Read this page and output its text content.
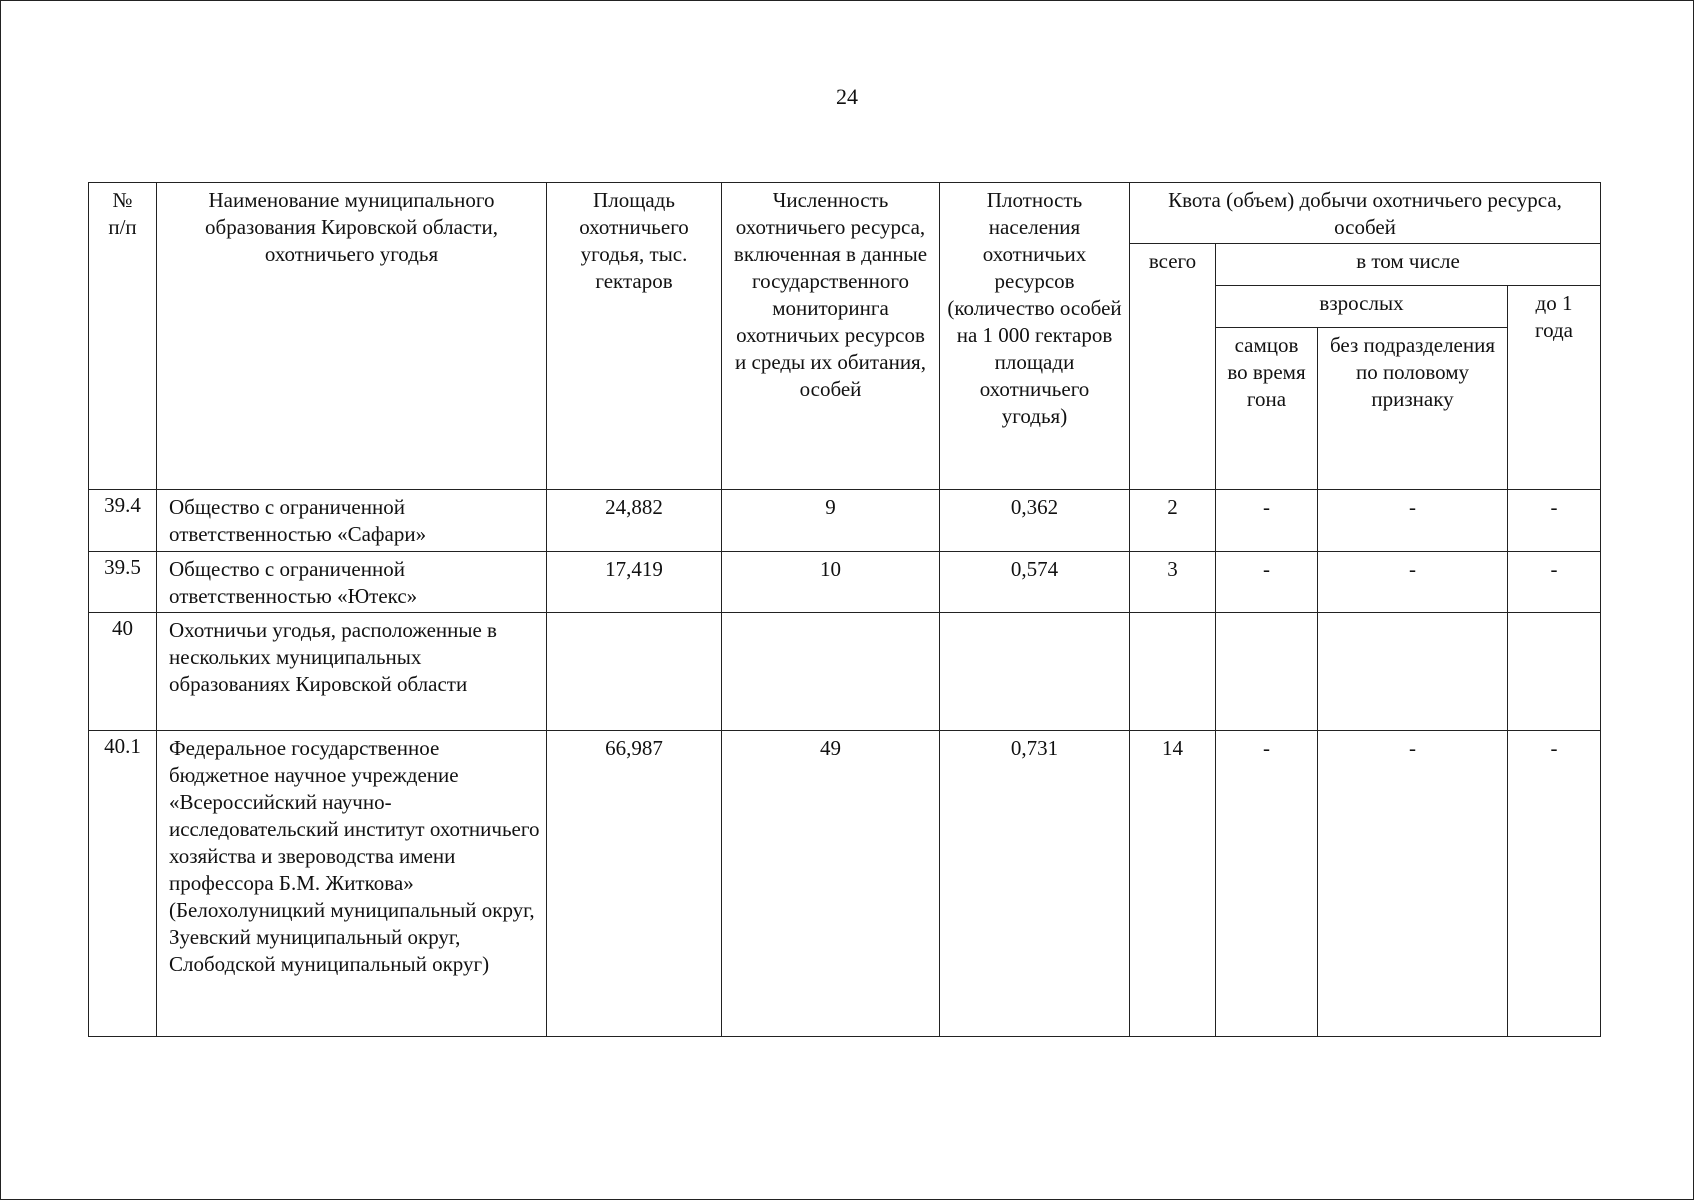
24
№
п/п	Наименование муниципального образования Кировской области, охотничьего угодья	Площадь охотничьего угодья, тыс. гектаров	Численность охотничьего ресурса, включенная в данные государственного мониторинга охотничьих ресурсов и среды их обитания, особей	Плотность населения охотничьих ресурсов (количество особей на 1 000 гектаров площади охотничьего угодья)	Квота (объем) добычи охотничьего ресурса, особей			
					всего	в том числе		
						взрослых		до 1 года
						самцов во время гона	без подразделения по половому признаку	
39.4	Общество с ограниченной ответственностью «Сафари»	24,882	9	0,362	2	-	-	-
39.5	Общество с ограниченной ответственностью «Ютекс»	17,419	10	0,574	3	-	-	-
40	Охотничьи угодья, расположенные в нескольких муниципальных образованиях Кировской области							
40.1	Федеральное государственное бюджетное научное учреждение «Всероссийский научно-исследовательский институт охотничьего хозяйства и звероводства имени профессора Б.М. Житкова» (Белохолуницкий муниципальный округ, Зуевский муниципальный округ, Слободской муниципальный округ)	66,987	49	0,731	14	-	-	-
